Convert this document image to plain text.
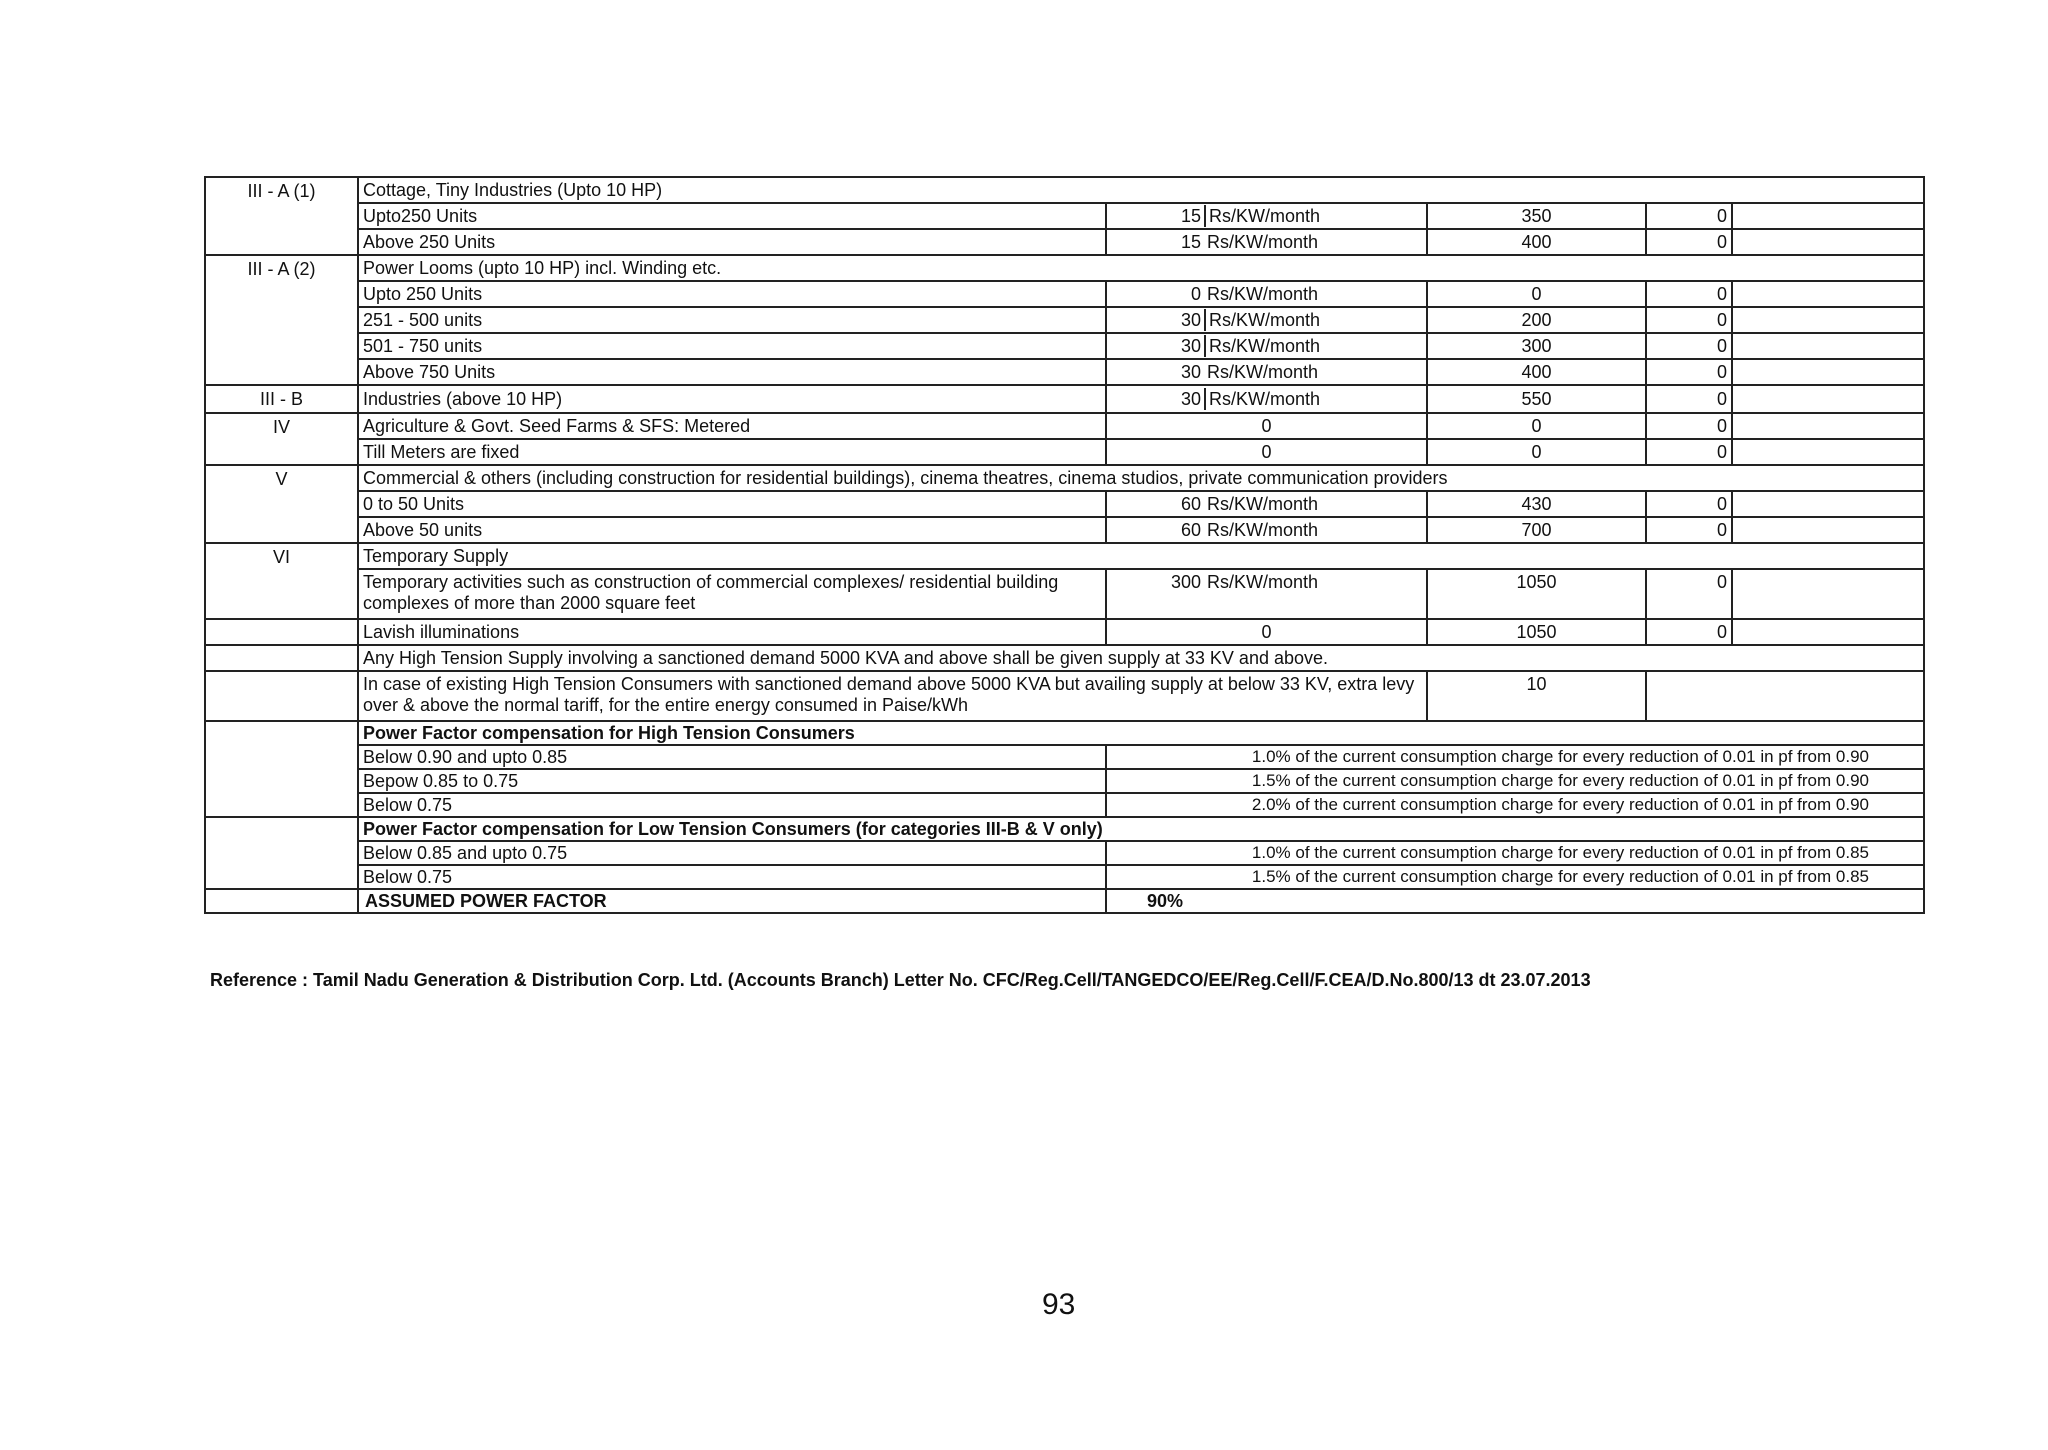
III - A (1)	Cottage, Tiny Industries (Upto 10 HP)				
	Upto250 Units	15 Rs/KW/month	350	0	
	Above 250 Units	15 Rs/KW/month	400	0	
III - A (2)	Power Looms (upto 10 HP) incl. Winding etc.				
	Upto 250 Units	0 Rs/KW/month	0	0	
	251 - 500 units	30 Rs/KW/month	200	0	
	501 - 750 units	30 Rs/KW/month	300	0	
	Above 750 Units	30 Rs/KW/month	400	0	
III - B	Industries (above 10 HP)	30 Rs/KW/month	550	0	
IV	Agriculture & Govt. Seed Farms & SFS: Metered	0	0	0	
	Till Meters are fixed	0	0	0	
V	Commercial & others (including construction for residential buildings), cinema theatres, cinema studios, private communication providers				
	0 to 50 Units	60 Rs/KW/month	430	0	
	Above 50 units	60 Rs/KW/month	700	0	
VI	Temporary Supply				
	Temporary activities such as construction of commercial complexes/ residential building complexes of more than 2000 square feet	300 Rs/KW/month	1050	0	
	Lavish illuminations	0	1050	0	
	Any High Tension Supply involving a sanctioned demand 5000 KVA and above shall be given supply at 33 KV and above.				
	In case of existing High Tension Consumers with sanctioned demand above 5000 KVA but availing supply at below 33 KV, extra levy over & above the normal tariff, for the entire energy consumed in Paise/kWh		10		
	Power Factor compensation for High Tension Consumers				
	Below 0.90 and upto 0.85	1.0% of the current consumption charge for every reduction of 0.01 in pf from 0.90			
	Bepow 0.85 to 0.75	1.5% of the current consumption charge for every reduction of 0.01 in pf from 0.90			
	Below 0.75	2.0% of the current consumption charge for every reduction of 0.01 in pf from 0.90			
	Power Factor compensation for Low Tension Consumers (for categories III-B & V only)				
	Below 0.85 and upto 0.75	1.0% of the current consumption charge for every reduction of 0.01 in pf from 0.85			
	Below 0.75	1.5% of the current consumption charge for every reduction of 0.01 in pf from 0.85			
	ASSUMED POWER FACTOR	90%			
Reference : Tamil Nadu Generation & Distribution Corp. Ltd. (Accounts Branch) Letter No. CFC/Reg.Cell/TANGEDCO/EE/Reg.Cell/F.CEA/D.No.800/13 dt 23.07.2013
93
